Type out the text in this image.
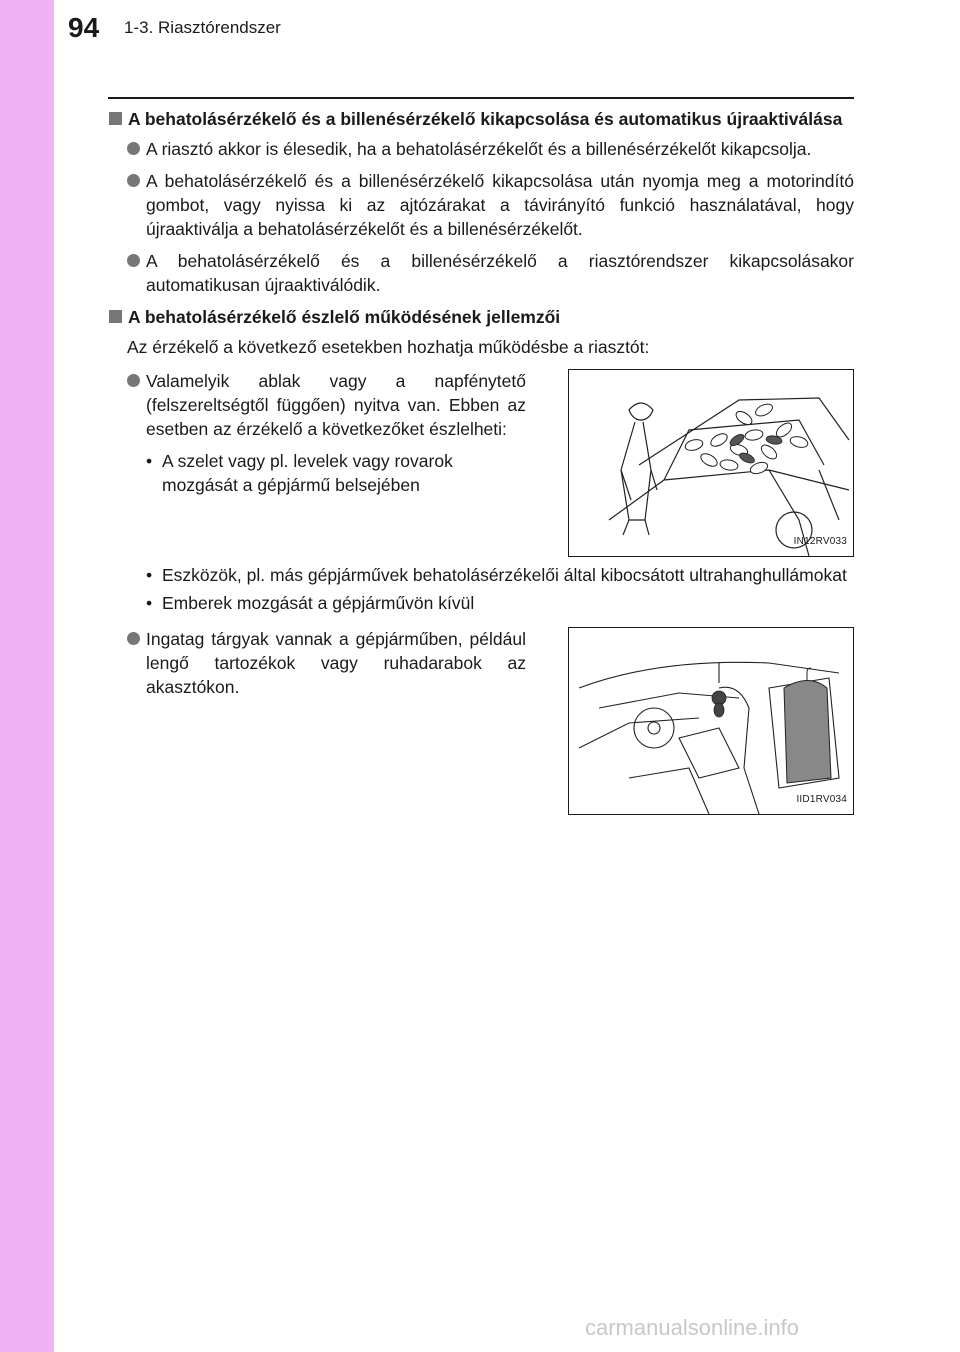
94 1-3. Riasztórendszer
A behatolásérzékelő és a billenésérzékelő kikapcsolása és automatikus újraaktiválása
A riasztó akkor is élesedik, ha a behatolásérzékelőt és a billenésérzékelőt kikapcsolja.
A behatolásérzékelő és a billenésérzékelő kikapcsolása után nyomja meg a motorindító gombot, vagy nyissa ki az ajtózárakat a távirányító funkció használatával, hogy újraaktiválja a behatolásérzékelőt és a billenésérzékelőt.
A behatolásérzékelő és a billenésérzékelő a riasztórendszer kikapcsolásakor automatikusan újraaktiválódik.
A behatolásérzékelő észlelő működésének jellemzői
Az érzékelő a következő esetekben hozhatja működésbe a riasztót:
Valamelyik ablak vagy a napfénytető (felszereltségtől függően) nyitva van. Ebben az esetben az érzékelő a következőket észlelheti:
• A szelet vagy pl. levelek vagy rovarok mozgását a gépjármű belsejében
IN12RV033
• Eszközök, pl. más gépjárművek behatolásérzékelői által kibocsátott ultrahanghullámokat
• Emberek mozgását a gépjárművön kívül
Ingatag tárgyak vannak a gépjárműben, például lengő tartozékok vagy ruhadarabok az akasztókon.
IID1RV034
carmanualsonline.info
